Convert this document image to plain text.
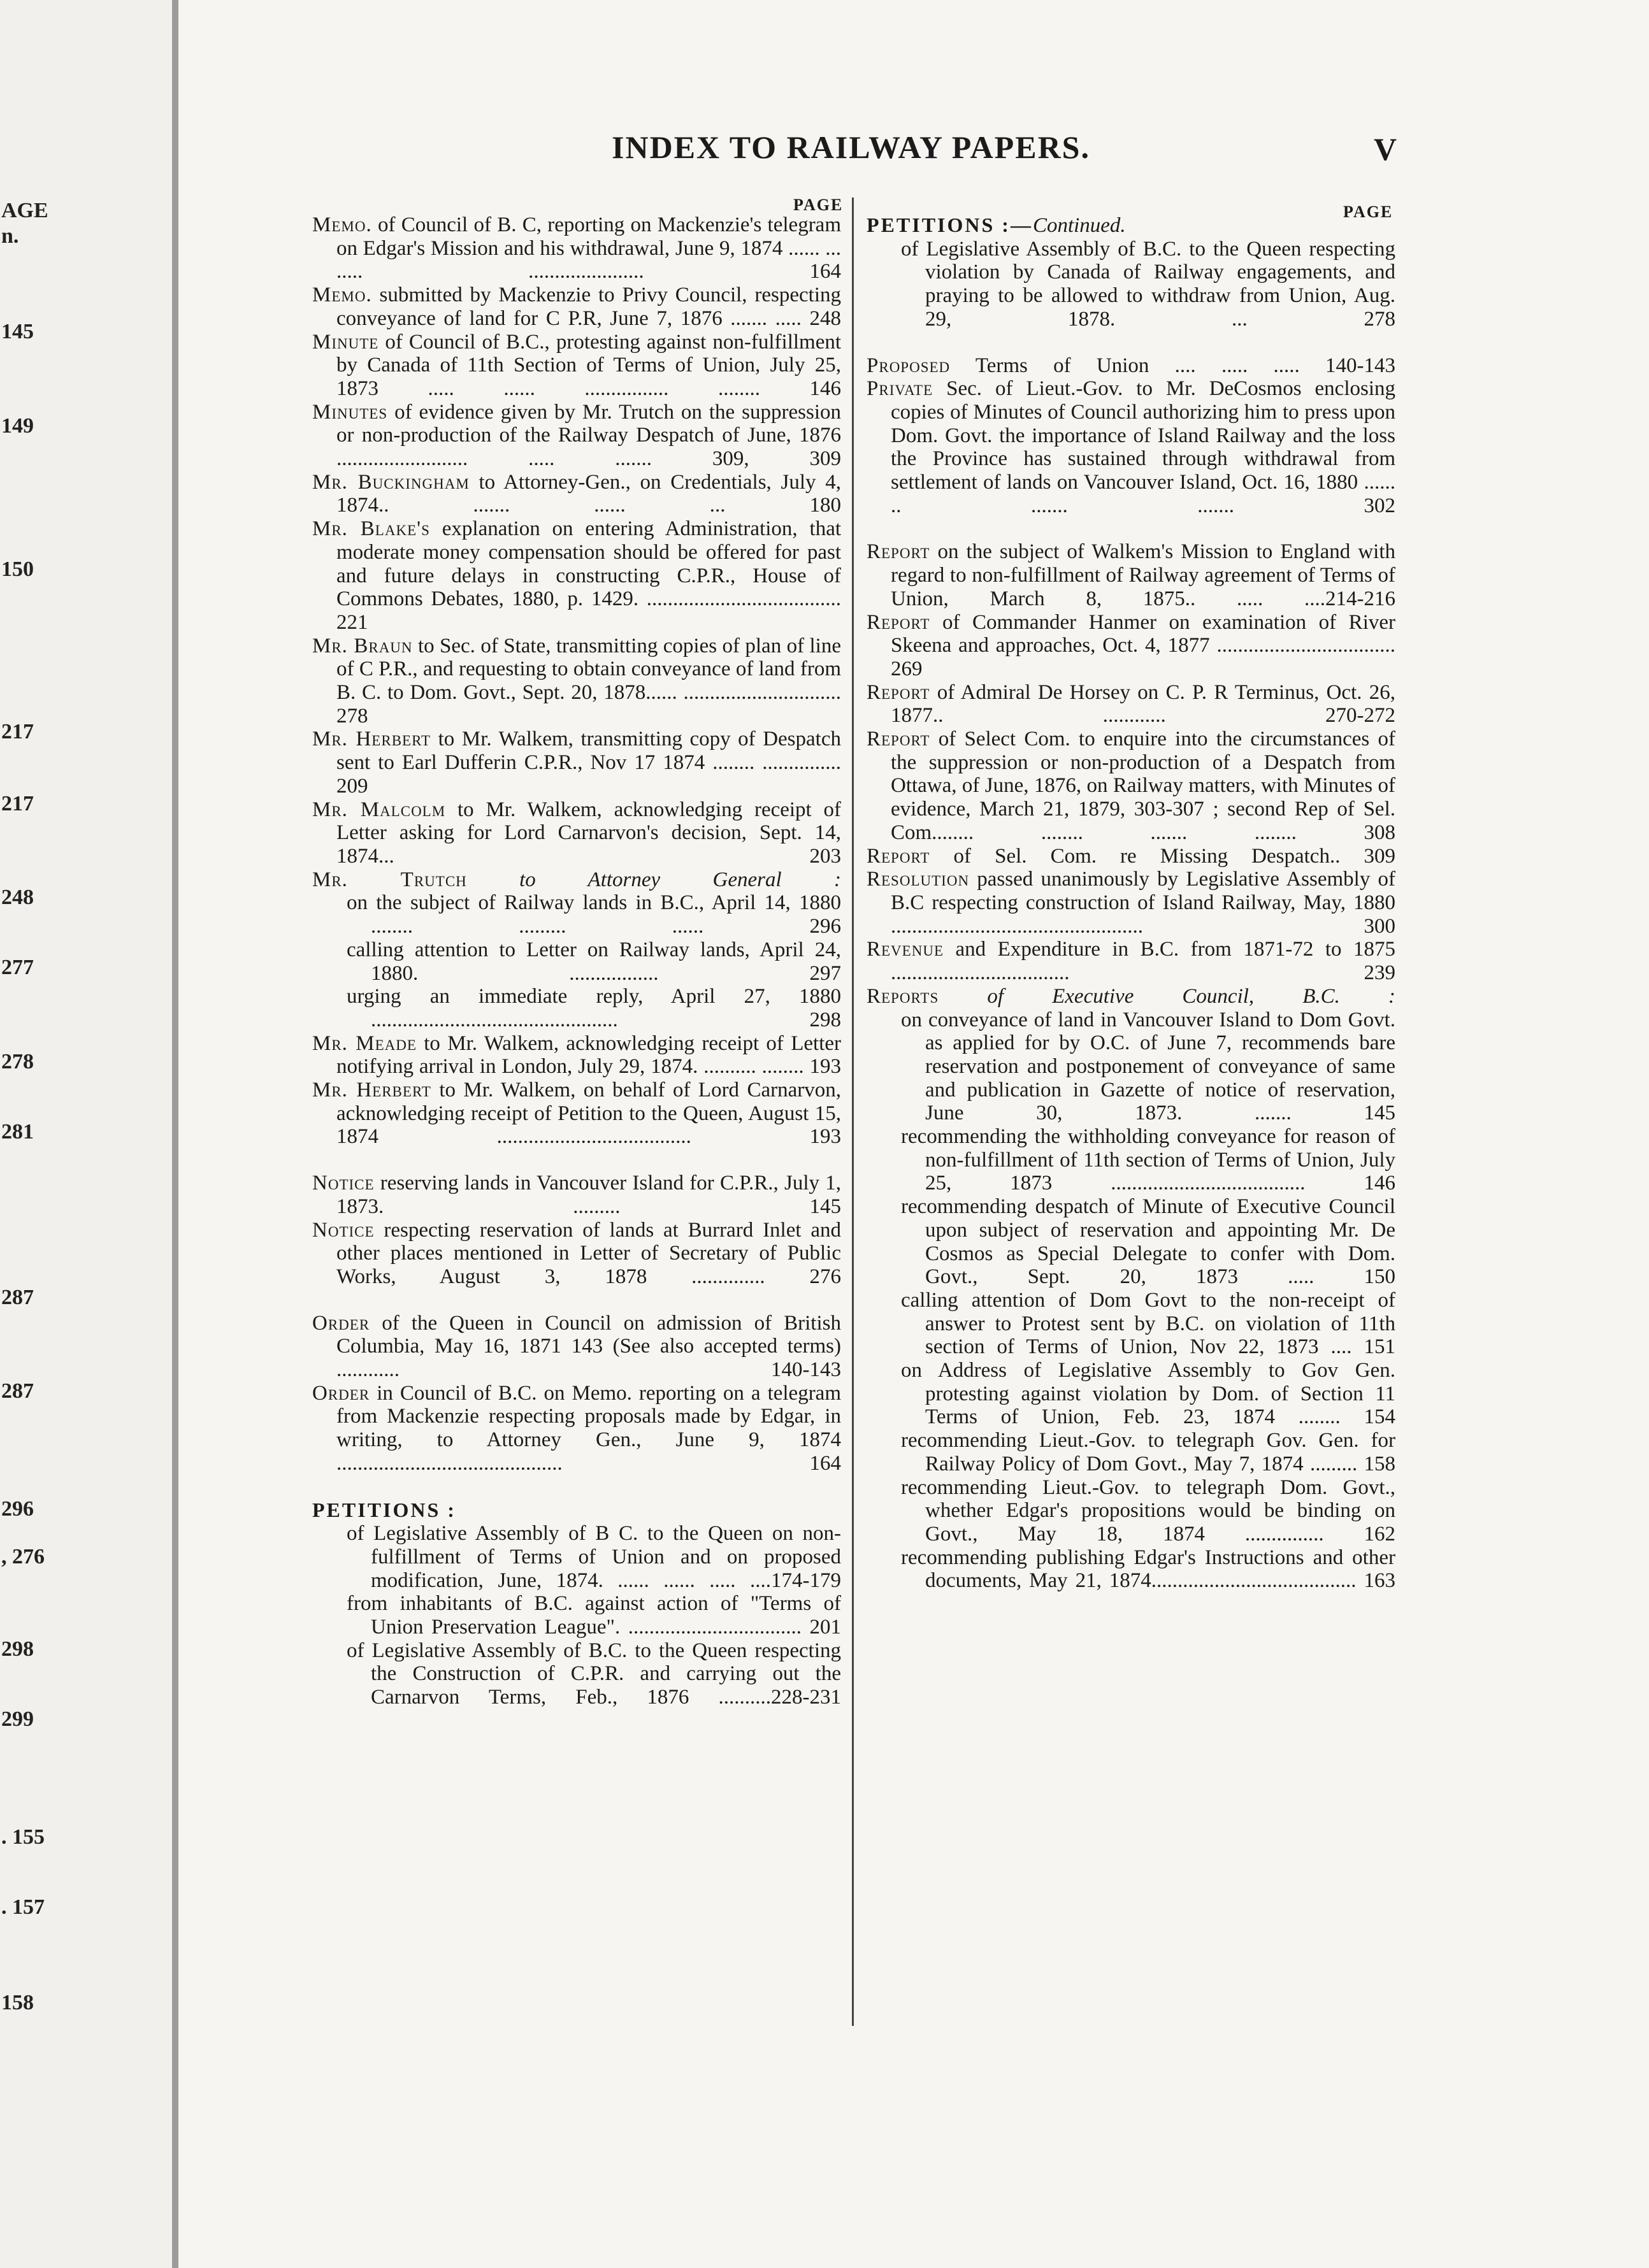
AGE
n.
145
149
150
217
217
248
277
278
281
287
287
296
, 276
298
299
. 155
. 157
158
INDEX TO RAILWAY PAPERS.	V
PAGE	PAGE

Memo. of Council of B. C, reporting on Mackenzie's telegram on Edgar's Mission and his withdrawal, June 9, 1874 ...... ... ..... ...................... 164

Memo. submitted by Mackenzie to Privy Council, respecting conveyance of land for C P.R, June 7, 1876 ....... ..... 248

Minute of Council of B.C., protesting against non-fulfillment by Canada of 11th Section of Terms of Union, July 25, 1873 ..... ...... ................ ........ 146

Minutes of evidence given by Mr. Trutch on the suppression or non-production of the Railway Despatch of June, 1876 ......................... ..... ....... 309, 309

Mr. Buckingham to Attorney-Gen., on Credentials, July 4, 1874.. ....... ...... ... 180

Mr. Blake's explanation on entering Administration, that moderate money compensation should be offered for past and future delays in constructing C.P.R., House of Commons Debates, 1880, p. 1429. ..................................... 221

Mr. Braun to Sec. of State, transmitting copies of plan of line of C P.R., and requesting to obtain conveyance of land from B. C. to Dom. Govt., Sept. 20, 1878...... .............................. 278

Mr. Herbert to Mr. Walkem, transmitting copy of Despatch sent to Earl Dufferin C.P.R., Nov 17 1874 ........ ............... 209

Mr. Malcolm to Mr. Walkem, acknowledging receipt of Letter asking for Lord Carnarvon's decision, Sept. 14, 1874... 203

Mr. Trutch to Attorney General :

on the subject of Railway lands in B.C., April 14, 1880 ........ ......... ...... 296

calling attention to Letter on Railway lands, April 24, 1880. ................. 297

urging an immediate reply, April 27, 1880 ............................................... 298

Mr. Meade to Mr. Walkem, acknowledging receipt of Letter notifying arrival in London, July 29, 1874. .......... ........ 193

Mr. Herbert to Mr. Walkem, on behalf of Lord Carnarvon, acknowledging receipt of Petition to the Queen, August 15, 1874 ..................................... 193

Notice reserving lands in Vancouver Island for C.P.R., July 1, 1873. ......... 145

Notice respecting reservation of lands at Burrard Inlet and other places mentioned in Letter of Secretary of Public Works, August 3, 1878 .............. 276

Order of the Queen in Council on admission of British Columbia, May 16, 1871 143 (See also accepted terms) ............ 140-143

Order in Council of B.C. on Memo. reporting on a telegram from Mackenzie respecting proposals made by Edgar, in writing, to Attorney Gen., June 9, 1874 ........................................... 164

PETITIONS :

of Legislative Assembly of B C. to the Queen on non-fulfillment of Terms of Union and on proposed modification, June, 1874. ...... ...... ..... ....174-179

from inhabitants of B.C. against action of "Terms of Union Preservation League". ................................. 201

of Legislative Assembly of B.C. to the Queen respecting the Construction of C.P.R. and carrying out the Carnarvon Terms, Feb., 1876 ..........228-231

PETITIONS :—Continued.

of Legislative Assembly of B.C. to the Queen respecting violation by Canada of Railway engagements, and praying to be allowed to withdraw from Union, Aug. 29, 1878. ... 278

Proposed Terms of Union .... ..... ..... 140-143

Private Sec. of Lieut.-Gov. to Mr. DeCosmos enclosing copies of Minutes of Council authorizing him to press upon Dom. Govt. the importance of Island Railway and the loss the Province has sustained through withdrawal from settlement of lands on Vancouver Island, Oct. 16, 1880 ...... .. ....... ....... 302

Report on the subject of Walkem's Mission to England with regard to non-fulfillment of Railway agreement of Terms of Union, March 8, 1875.. ..... ....214-216

Report of Commander Hanmer on examination of River Skeena and approaches, Oct. 4, 1877 .................................. 269

Report of Admiral De Horsey on C. P. R Terminus, Oct. 26, 1877.. ............ 270-272

Report of Select Com. to enquire into the circumstances of the suppression or non-production of a Despatch from Ottawa, of June, 1876, on Railway matters, with Minutes of evidence, March 21, 1879, 303-307 ; second Rep of Sel. Com........ ........ ....... ........ 308

Report of Sel. Com. re Missing Despatch.. 309

Resolution passed unanimously by Legislative Assembly of B.C respecting construction of Island Railway, May, 1880 ................................................ 300

Revenue and Expenditure in B.C. from 1871-72 to 1875 .................................. 239

Reports of Executive Council, B.C. :

on conveyance of land in Vancouver Island to Dom Govt. as applied for by O.C. of June 7, recommends bare reservation and postponement of conveyance of same and publication in Gazette of notice of reservation, June 30, 1873. ....... 145

recommending the withholding conveyance for reason of non-fulfillment of 11th section of Terms of Union, July 25, 1873 ..................................... 146

recommending despatch of Minute of Executive Council upon subject of reservation and appointing Mr. De Cosmos as Special Delegate to confer with Dom. Govt., Sept. 20, 1873 ..... 150

calling attention of Dom Govt to the non-receipt of answer to Protest sent by B.C. on violation of 11th section of Terms of Union, Nov 22, 1873 .... 151

on Address of Legislative Assembly to Gov Gen. protesting against violation by Dom. of Section 11 Terms of Union, Feb. 23, 1874 ........ 154

recommending Lieut.-Gov. to telegraph Gov. Gen. for Railway Policy of Dom Govt., May 7, 1874 ......... 158

recommending Lieut.-Gov. to telegraph Dom. Govt., whether Edgar's propositions would be binding on Govt., May 18, 1874 ............... 162

recommending publishing Edgar's Instructions and other documents, May 21, 1874....................................... 163
